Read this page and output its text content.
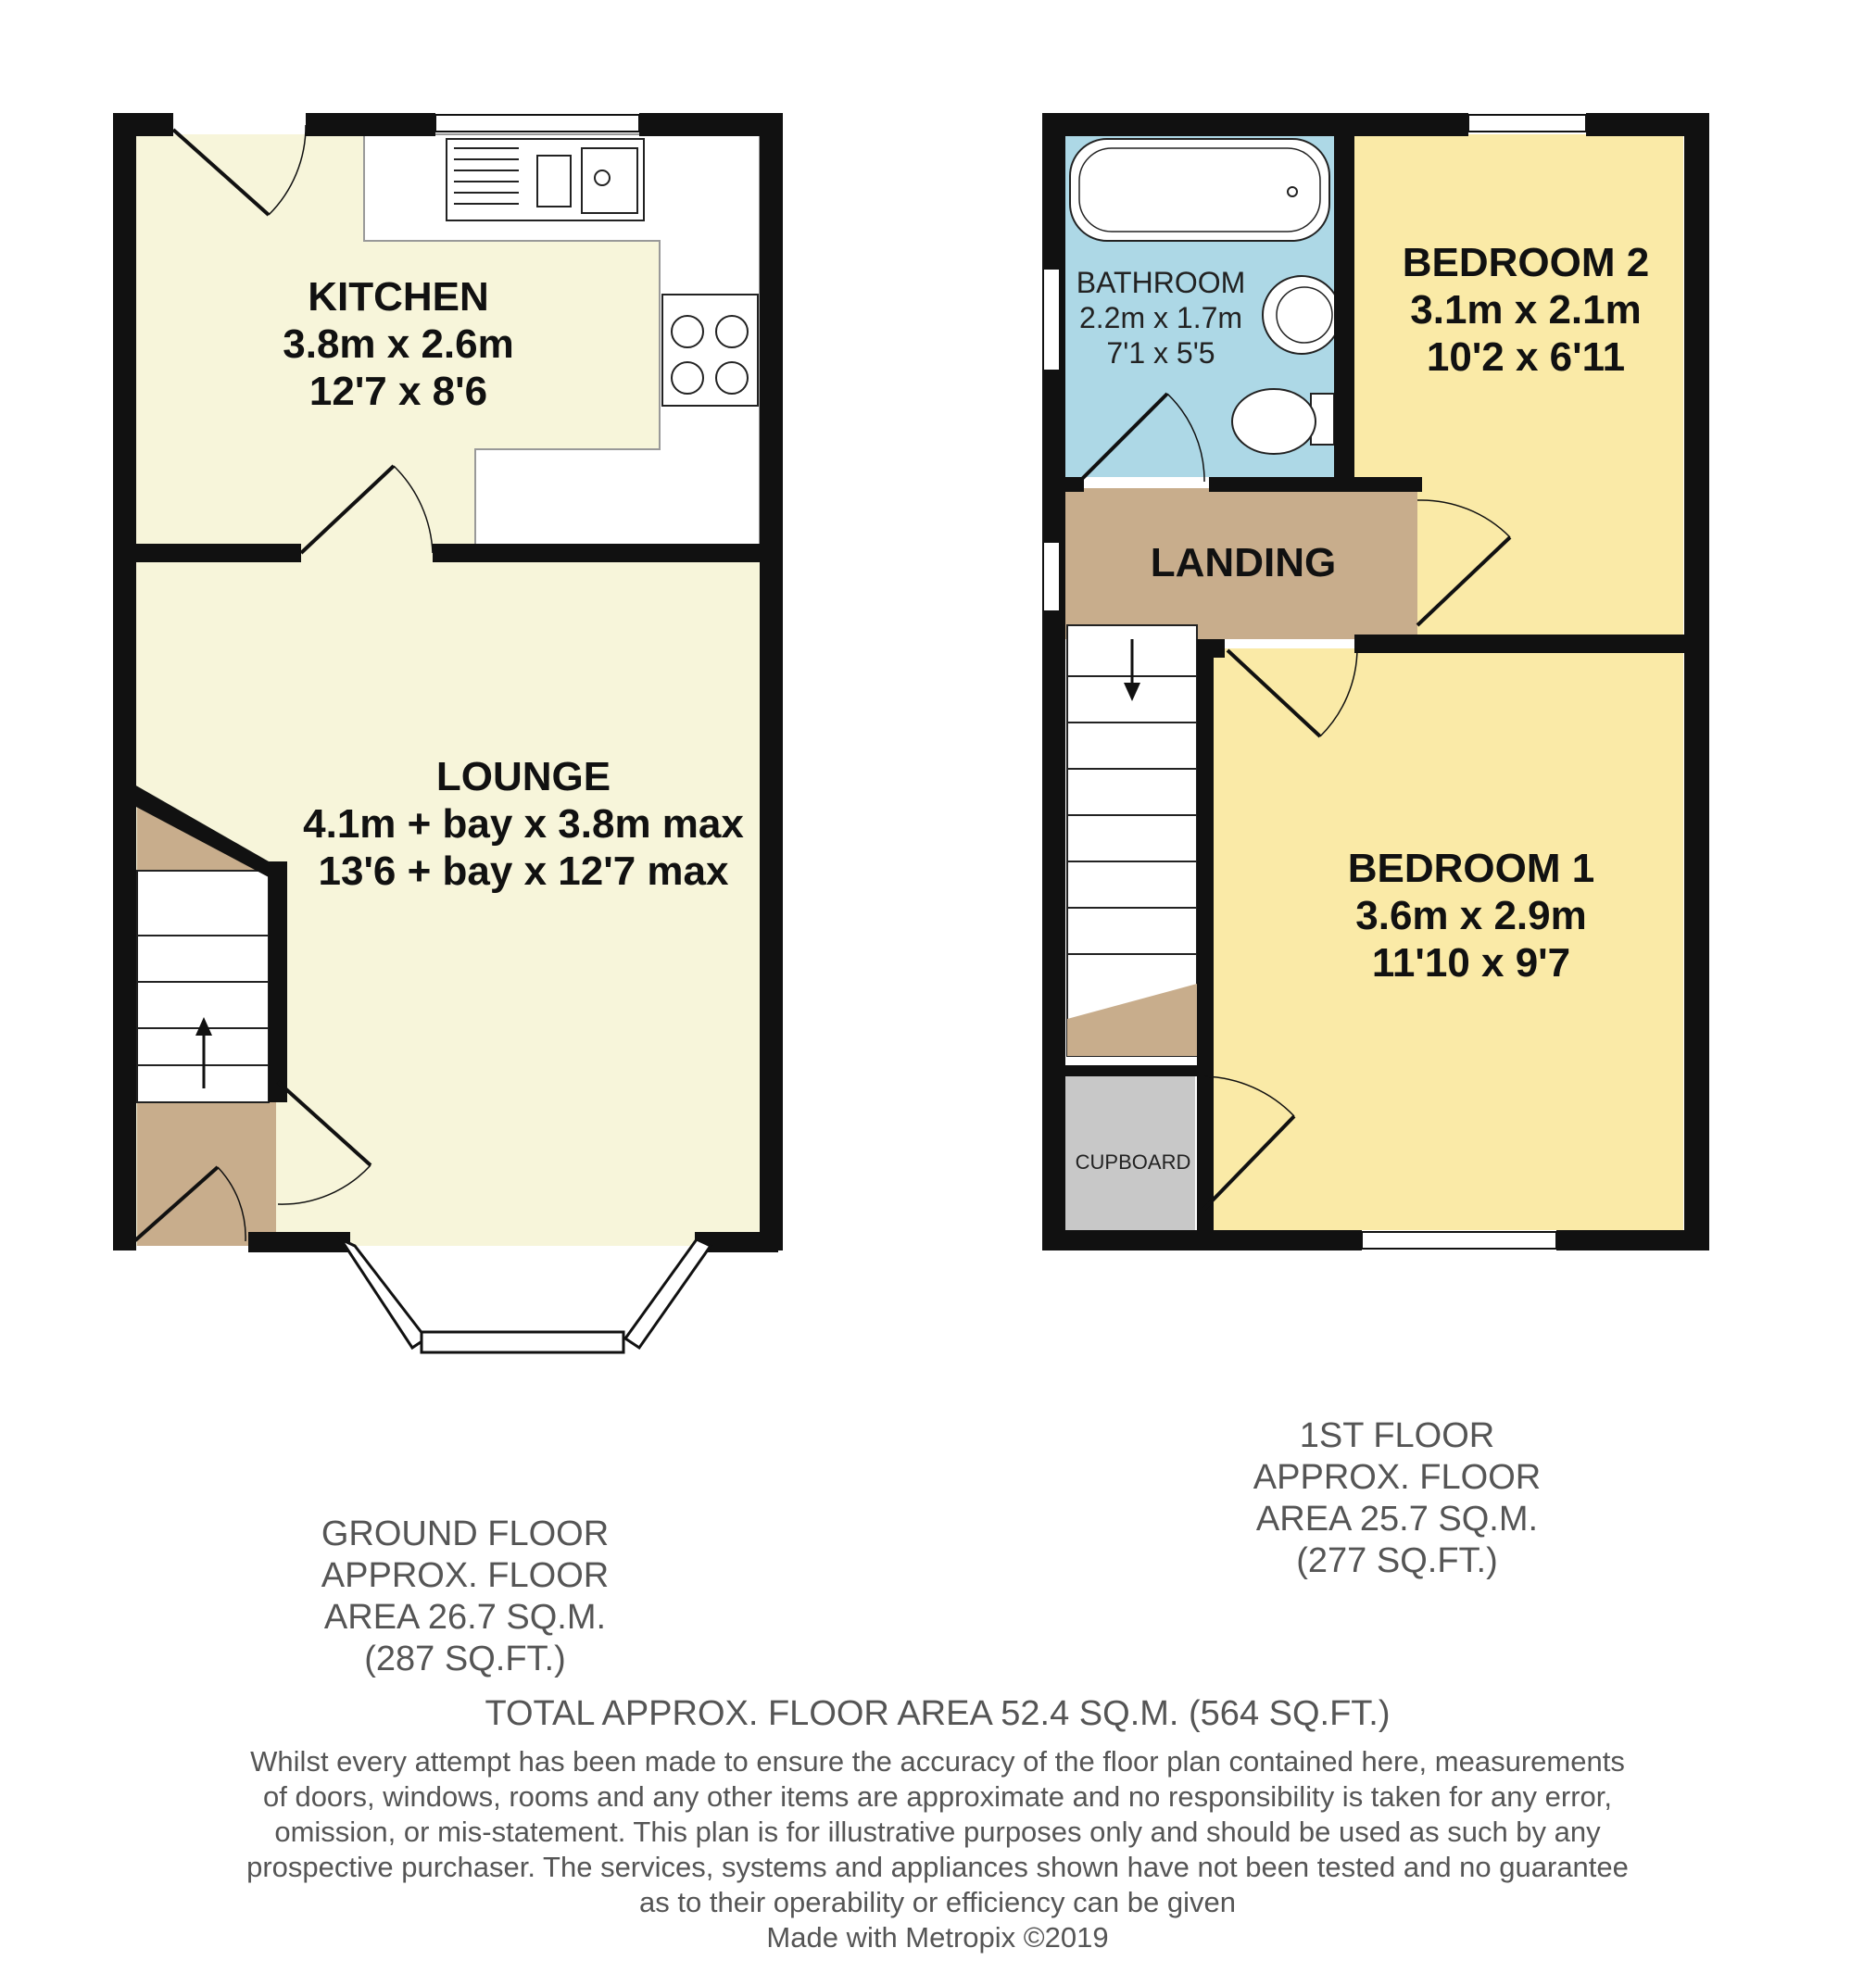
KITCHEN
3.8m x 2.6m
12'7 x 8'6
LOUNGE
4.1m + bay x 3.8m max
13'6 + bay x 12'7 max
BATHROOM
2.2m x 1.7m
7'1 x 5'5
BEDROOM 2
3.1m x 2.1m
10'2 x 6'11
LANDING
BEDROOM 1
3.6m x 2.9m
11'10 x 9'7
CUPBOARD
1ST FLOOR
APPROX. FLOOR
AREA 25.7 SQ.M.
(277 SQ.FT.)
GROUND FLOOR
APPROX. FLOOR
AREA 26.7 SQ.M.
(287 SQ.FT.)
TOTAL APPROX. FLOOR AREA 52.4 SQ.M. (564 SQ.FT.)
Whilst every attempt has been made to ensure the accuracy of the floor plan contained here, measurements
of doors, windows, rooms and any other items are approximate and no responsibility is taken for any error,
omission, or mis-statement. This plan is for illustrative purposes only and should be used as such by any
prospective purchaser. The services, systems and appliances shown have not been tested and no guarantee
as to their operability or efficiency can be given
Made with Metropix ©2019
